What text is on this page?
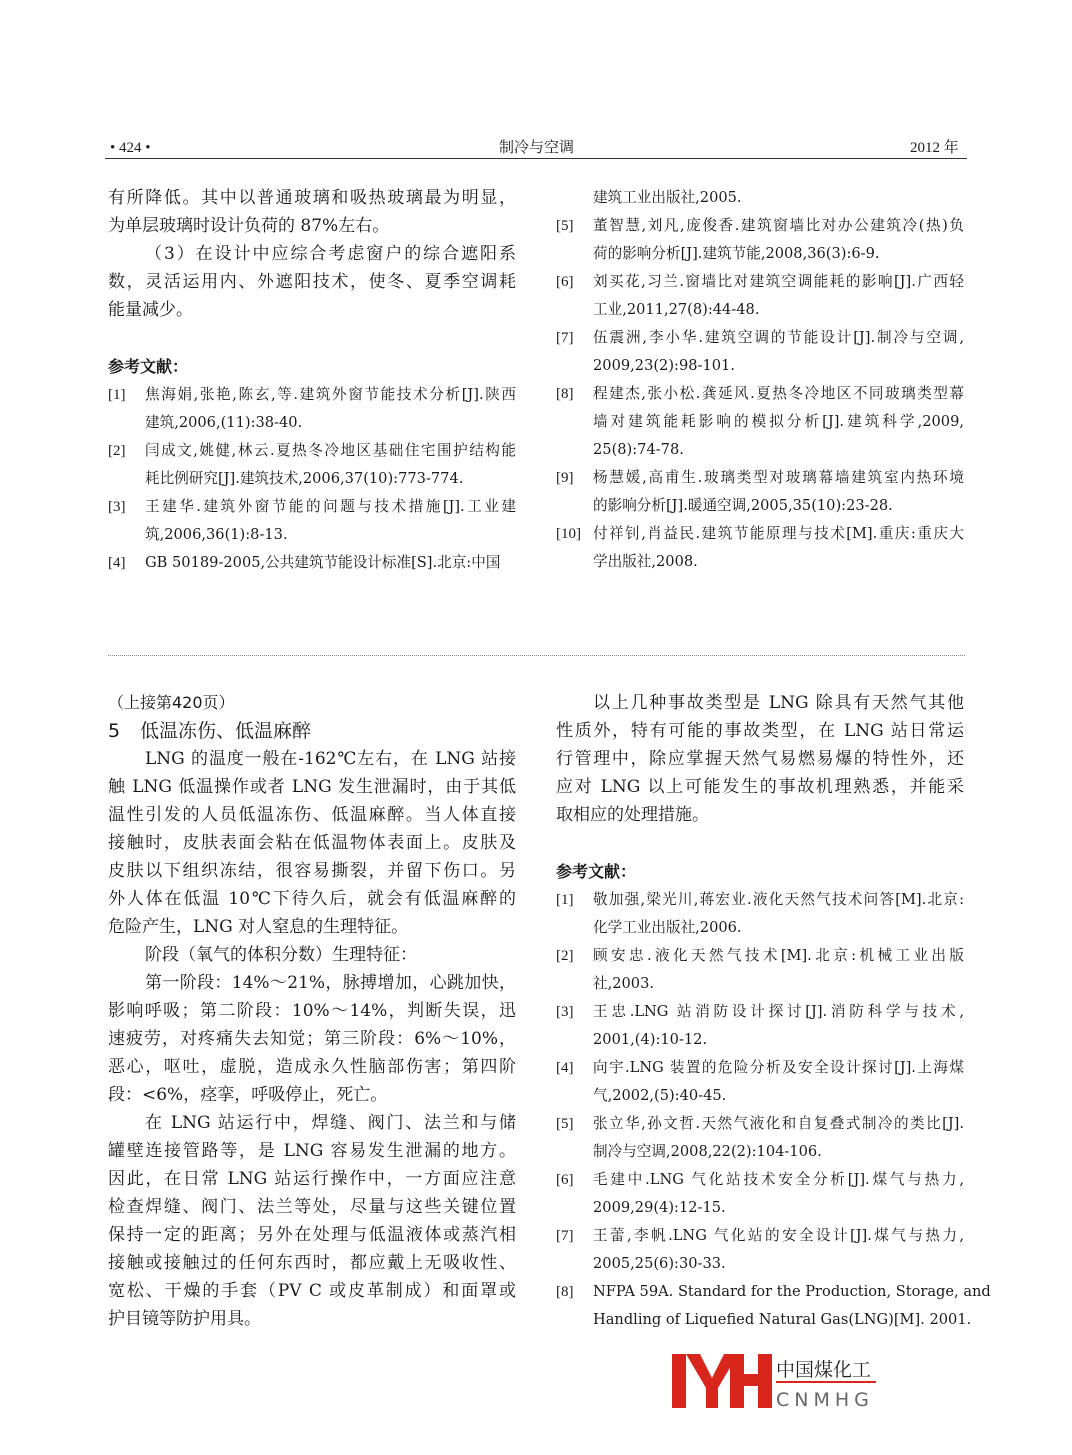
• 424 •	制冷与空调	2012 年
有所降低。其中以普通玻璃和吸热玻璃最为明显，
为单层玻璃时设计负荷的 87%左右。
（3）在设计中应综合考虑窗户的综合遮阳系
数，灵活运用内、外遮阳技术，使冬、夏季空调耗
能量减少。
参考文献：
[1] 焦海娟,张艳,陈玄,等.建筑外窗节能技术分析[J].陕西
建筑,2006,(11):38-40.
[2] 闫成文,姚健,林云.夏热冬冷地区基础住宅围护结构能
耗比例研究[J].建筑技术,2006,37(10):773-774.
[3] 王建华.建筑外窗节能的问题与技术措施[J].工业建
筑,2006,36(1):8-13.
[4] GB 50189-2005,公共建筑节能设计标准[S].北京:中国
建筑工业出版社,2005.
[5] 董智慧,刘凡,庞俊香.建筑窗墙比对办公建筑冷(热)负
荷的影响分析[J].建筑节能,2008,36(3):6-9.
[6] 刘买花,习兰.窗墙比对建筑空调能耗的影响[J].广西轻
工业,2011,27(8):44-48.
[7] 伍震洲,李小华.建筑空调的节能设计[J].制冷与空调,
2009,23(2):98-101.
[8] 程建杰,张小松.龚延风.夏热冬冷地区不同玻璃类型幕
墙对建筑能耗影响的模拟分析[J].建筑科学,2009,
25(8):74-78.
[9] 杨慧媛,高甫生.玻璃类型对玻璃幕墙建筑室内热环境
的影响分析[J].暖通空调,2005,35(10):23-28.
[10] 付祥钊,肖益民.建筑节能原理与技术[M].重庆:重庆大
学出版社,2008.
（上接第420页）
5 低温冻伤、低温麻醉
LNG 的温度一般在-162℃左右，在 LNG 站接
触 LNG 低温操作或者 LNG 发生泄漏时，由于其低
温性引发的人员低温冻伤、低温麻醉。当人体直接
接触时，皮肤表面会粘在低温物体表面上。皮肤及
皮肤以下组织冻结，很容易撕裂，并留下伤口。另
外人体在低温 10℃下待久后，就会有低温麻醉的
危险产生，LNG 对人窒息的生理特征。
阶段（氧气的体积分数）生理特征：
第一阶段：14%～21%，脉搏增加，心跳加快，
影响呼吸；第二阶段：10%～14%，判断失误，迅
速疲劳，对疼痛失去知觉；第三阶段：6%～10%，
恶心，呕吐，虚脱，造成永久性脑部伤害；第四阶
段：<6%，痉挛，呼吸停止，死亡。
在 LNG 站运行中，焊缝、阀门、法兰和与储
罐壁连接管路等，是 LNG 容易发生泄漏的地方。
因此，在日常 LNG 站运行操作中，一方面应注意
检查焊缝、阀门、法兰等处，尽量与这些关键位置
保持一定的距离；另外在处理与低温液体或蒸汽相
接触或接触过的任何东西时，都应戴上无吸收性、
宽松、干燥的手套（PV C 或皮革制成）和面罩或
护目镜等防护用具。
以上几种事故类型是 LNG 除具有天然气其他
性质外，特有可能的事故类型，在 LNG 站日常运
行管理中，除应掌握天然气易燃易爆的特性外，还
应对 LNG 以上可能发生的事故机理熟悉，并能采
取相应的处理措施。
参考文献：
[1] 敬加强,梁光川,蒋宏业.液化天然气技术问答[M].北京:
化学工业出版社,2006.
[2] 顾安忠.液化天然气技术[M].北京:机械工业出版
社,2003.
[3] 王忠.LNG 站消防设计探讨[J].消防科学与技术,
2001,(4):10-12.
[4] 向宇.LNG 装置的危险分析及安全设计探讨[J].上海煤
气,2002,(5):40-45.
[5] 张立华,孙文哲.天然气液化和自复叠式制冷的类比[J].
制冷与空调,2008,22(2):104-106.
[6] 毛建中.LNG 气化站技术安全分析[J].煤气与热力,
2009,29(4):12-15.
[7] 王蕾,李帆.LNG 气化站的安全设计[J].煤气与热力,
2005,25(6):30-33.
[8] NFPA 59A. Standard for the Production, Storage, and
Handling of Liquefied Natural Gas(LNG)[M]. 2001.
中国煤化工
CNMHG
